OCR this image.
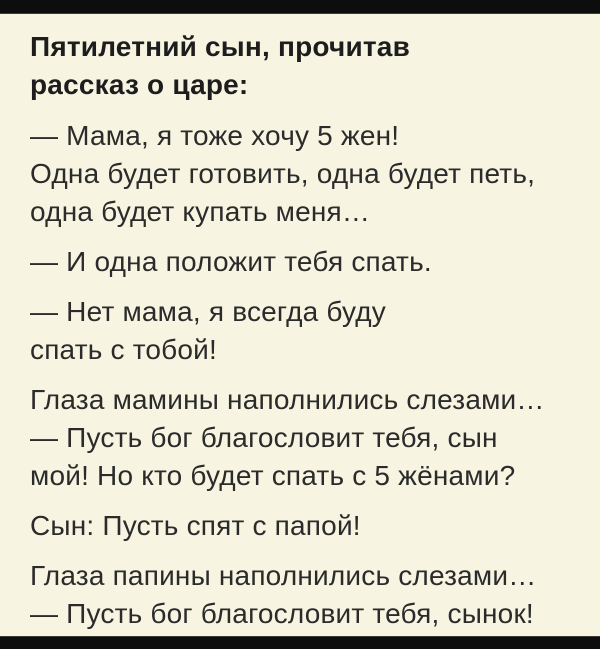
Пятилетний сын, прочитав
рассказ о царе:
— Мама, я тоже хочу 5 жен!
Одна будет готовить, одна будет петь,
одна будет купать меня…
— И одна положит тебя спать.
— Нет мама, я всегда буду
спать с тобой!
Глаза мамины наполнились слезами…
— Пусть бог благословит тебя, сын
мой! Но кто будет спать с 5 жёнами?
Сын: Пусть спят с папой!
Глаза папины наполнились слезами…
— Пусть бог благословит тебя, сынок!
